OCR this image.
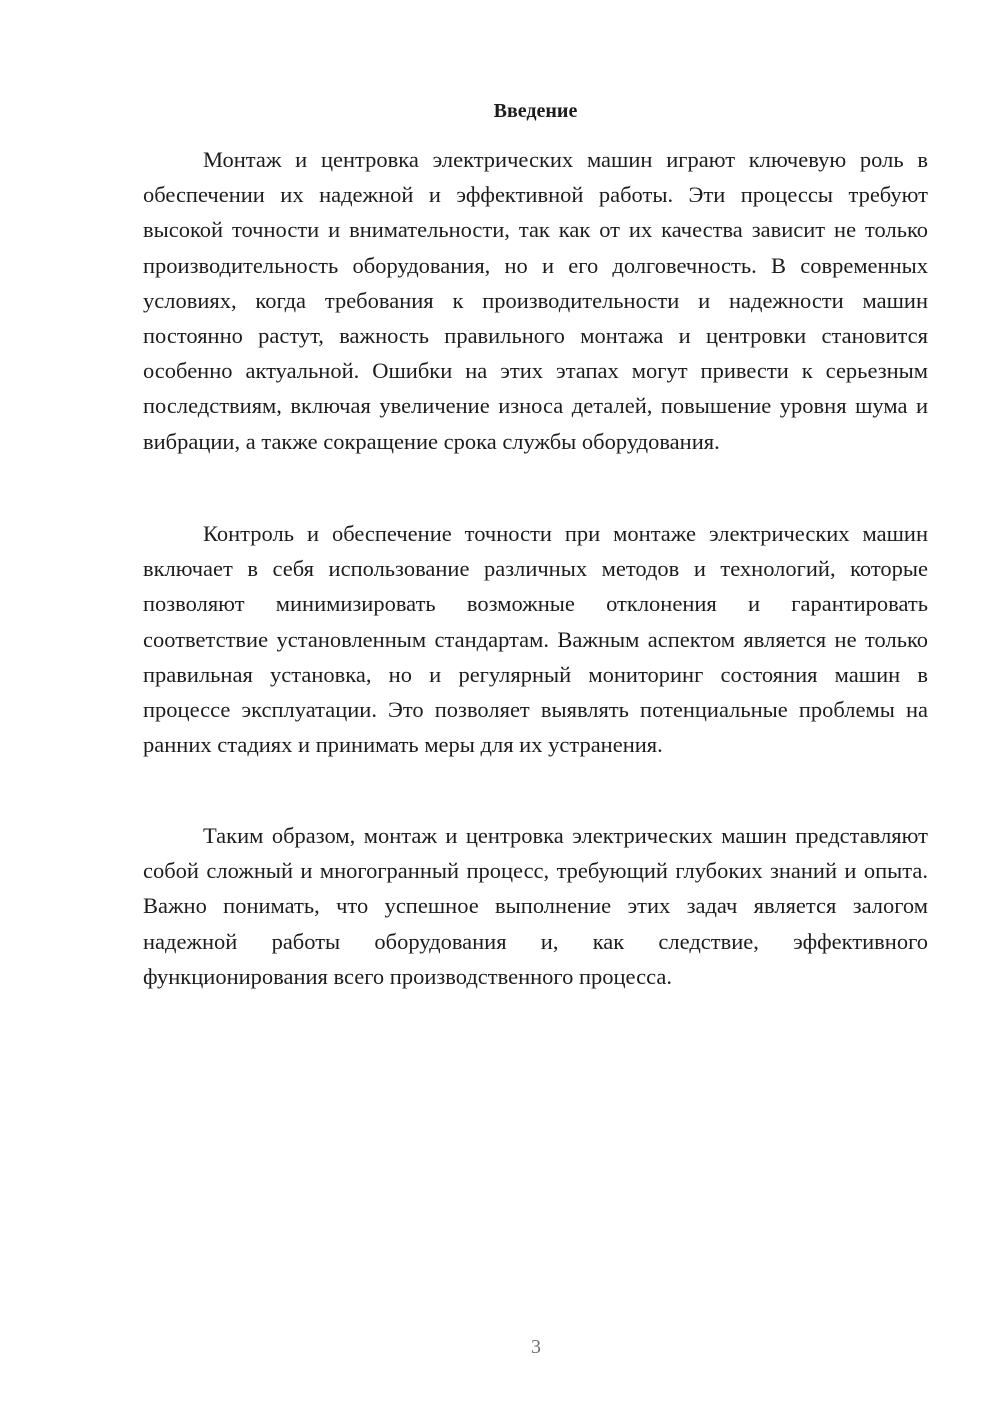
Введение

Монтаж и центровка электрических машин играют ключевую роль в обеспечении их надежной и эффективной работы. Эти процессы требуют высокой точности и внимательности, так как от их качества зависит не только производительность оборудования, но и его долговечность. В современных условиях, когда требования к производительности и надежности машин постоянно растут, важность правильного монтажа и центровки становится особенно актуальной. Ошибки на этих этапах могут привести к серьезным последствиям, включая увеличение износа деталей, повышение уровня шума и вибрации, а также сокращение срока службы оборудования.

Контроль и обеспечение точности при монтаже электрических машин включает в себя использование различных методов и технологий, которые позволяют минимизировать возможные отклонения и гарантировать соответствие установленным стандартам. Важным аспектом является не только правильная установка, но и регулярный мониторинг состояния машин в процессе эксплуатации. Это позволяет выявлять потенциальные проблемы на ранних стадиях и принимать меры для их устранения.

Таким образом, монтаж и центровка электрических машин представляют собой сложный и многогранный процесс, требующий глубоких знаний и опыта. Важно понимать, что успешное выполнение этих задач является залогом надежной работы оборудования и, как следствие, эффективного функционирования всего производственного процесса.

3
